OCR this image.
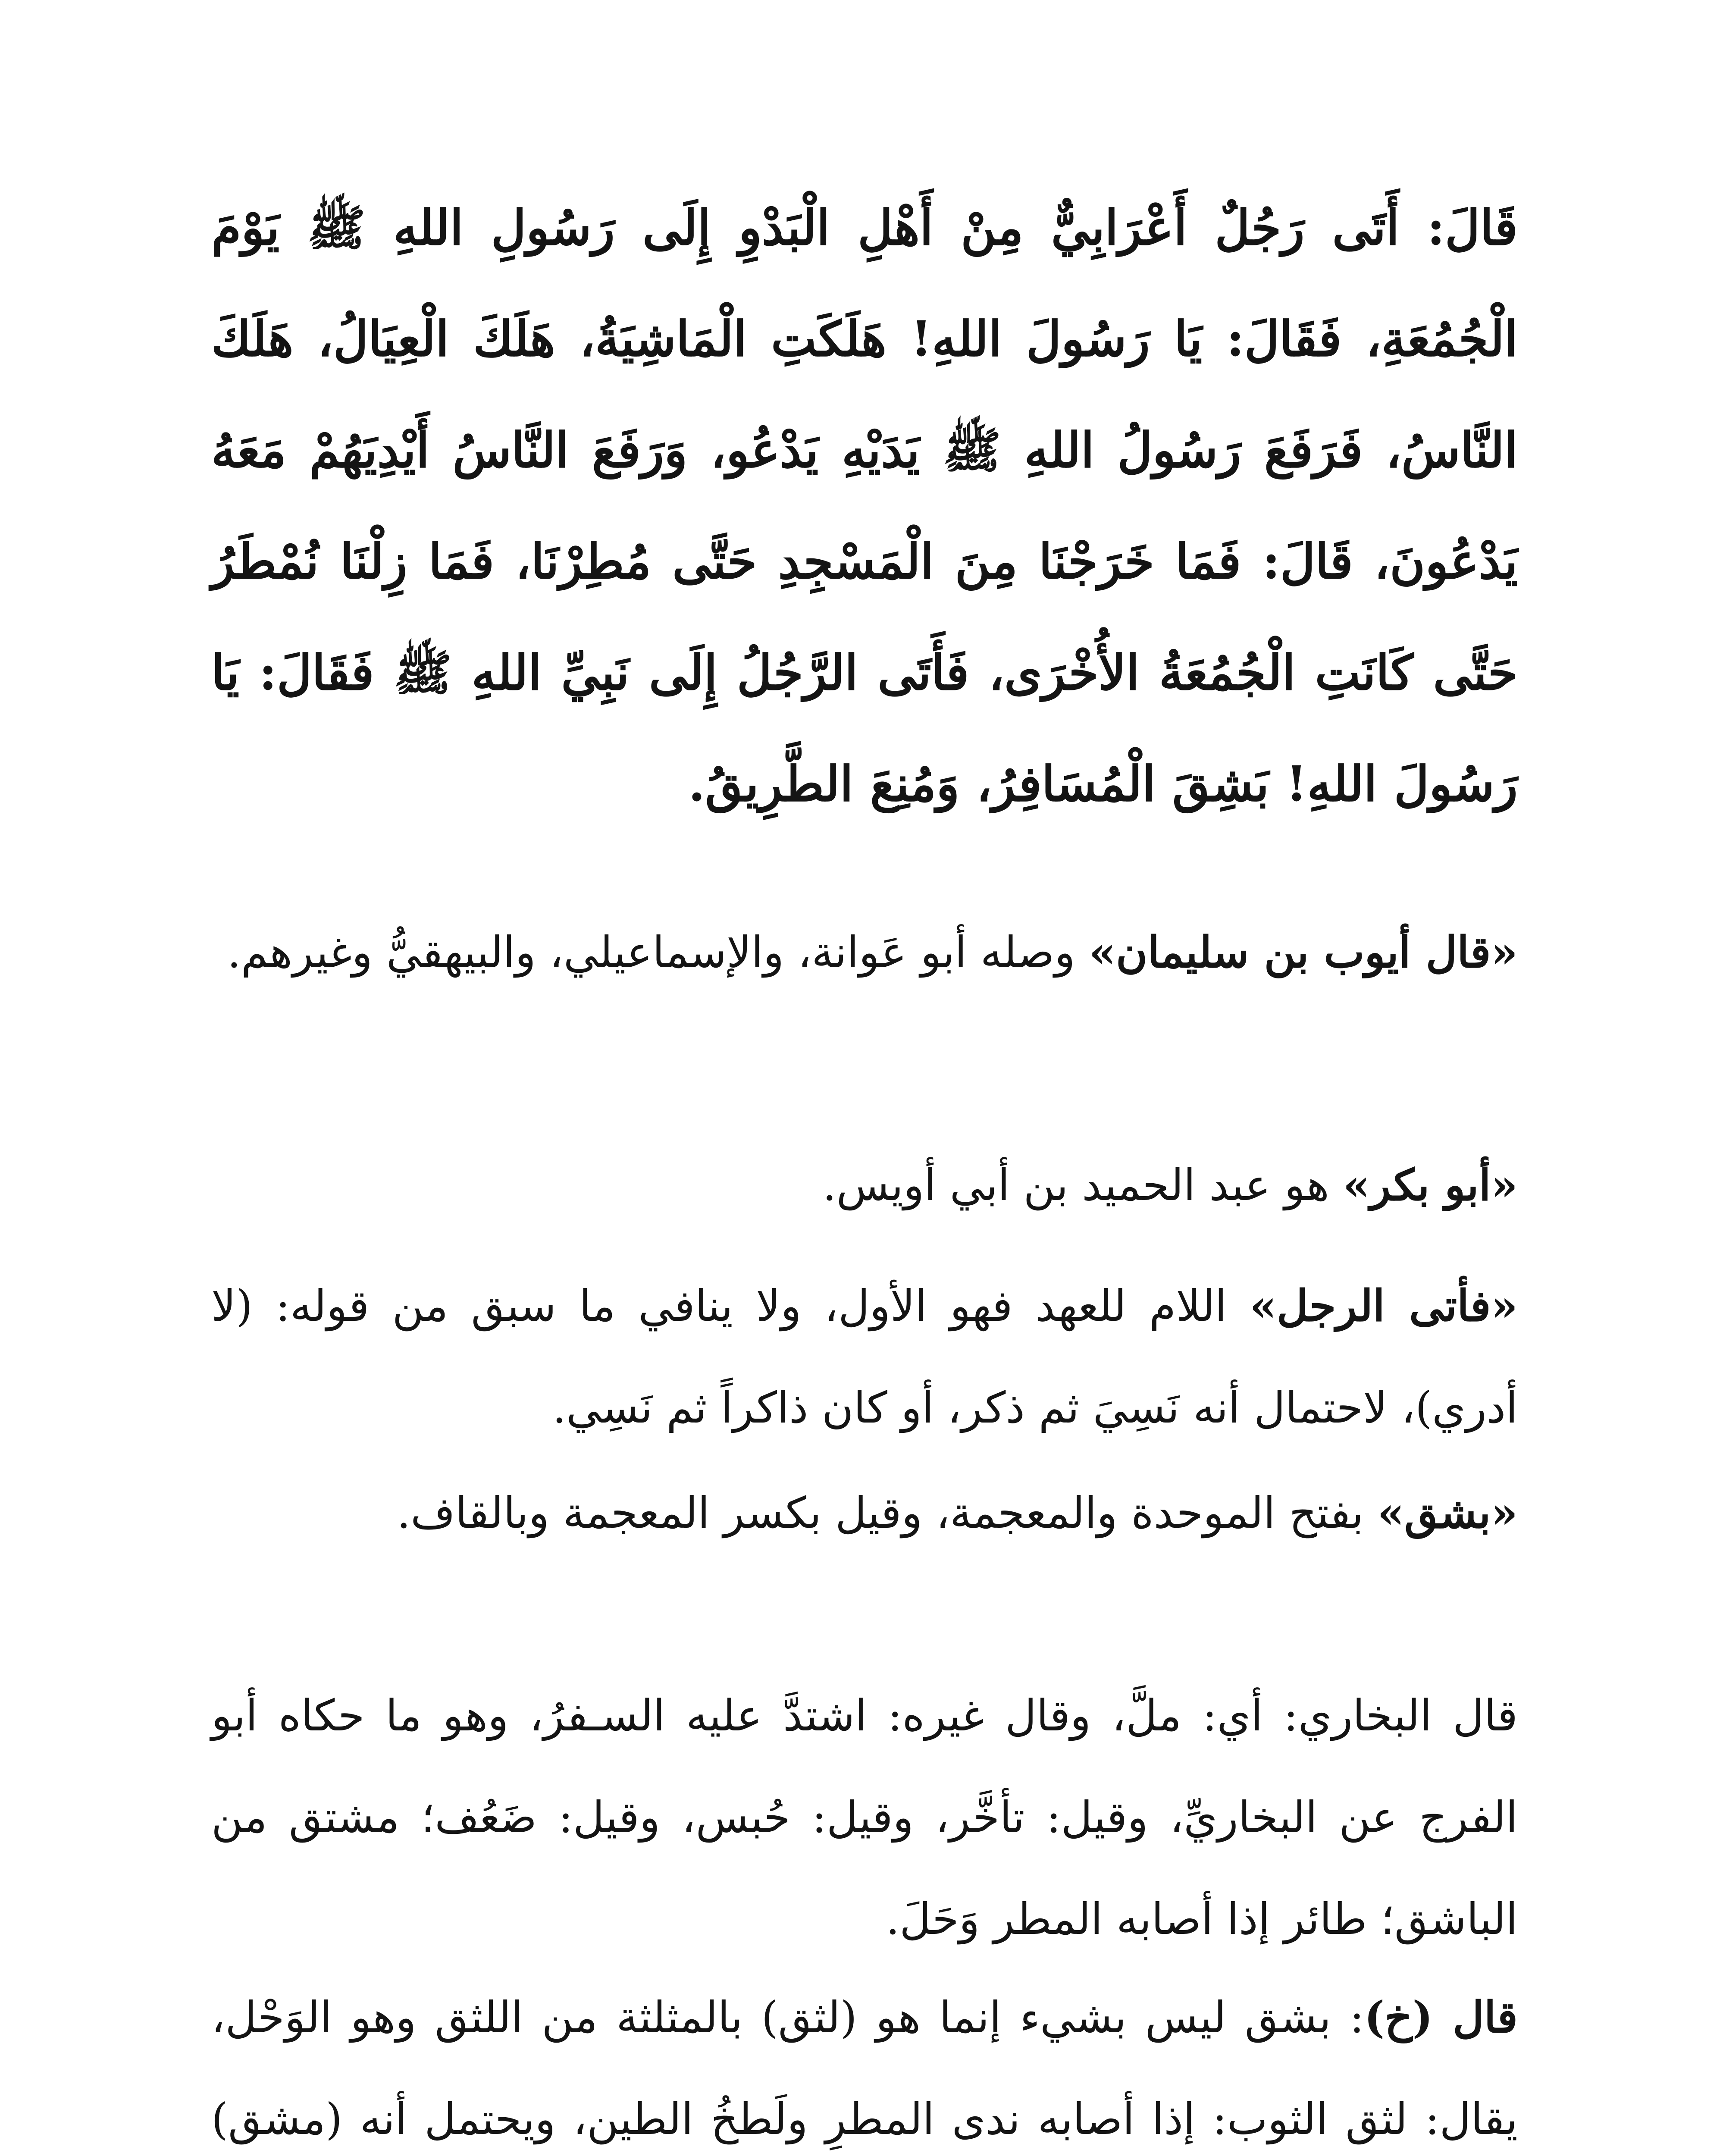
قَالَ: أَتَى رَجُلٌ أَعْرَابِيٌّ مِنْ أَهْلِ الْبَدْوِ إِلَى رَسُولِ اللهِ ﷺ يَوْمَ الْجُمُعَةِ، فَقَالَ: يَا رَسُولَ اللهِ! هَلَكَتِ الْمَاشِيَةُ، هَلَكَ الْعِيَالُ، هَلَكَ النَّاسُ، فَرَفَعَ رَسُولُ اللهِ ﷺ يَدَيْهِ يَدْعُو، وَرَفَعَ النَّاسُ أَيْدِيَهُمْ مَعَهُ يَدْعُونَ، قَالَ: فَمَا خَرَجْنَا مِنَ الْمَسْجِدِ حَتَّى مُطِرْنَا، فَمَا زِلْنَا نُمْطَرُ حَتَّى كَانَتِ الْجُمُعَةُ الأُخْرَى، فَأَتَى الرَّجُلُ إِلَى نَبِيِّ اللهِ ﷺ فَقَالَ: يَا رَسُولَ اللهِ! بَشِقَ الْمُسَافِرُ، وَمُنِعَ الطَّرِيقُ.

«قال أيوب بن سليمان» وصله أبو عَوانة، والإسماعيلي، والبيهقيُّ وغيرهم.

«أبو بكر» هو عبد الحميد بن أبي أويس.

«فأتى الرجل» اللام للعهد فهو الأول، ولا ينافي ما سبق من قوله: (لا أدري)، لاحتمال أنه نَسِيَ ثم ذكر، أو كان ذاكراً ثم نَسِي.

«بشق» بفتح الموحدة والمعجمة، وقيل بكسر المعجمة وبالقاف.

قال البخاري: أي: ملَّ، وقال غيره: اشتدَّ عليه السـفرُ، وهو ما حكاه أبو الفرج عن البخاريِّ، وقيل: تأخَّر، وقيل: حُبس، وقيل: ضَعُف؛ مشتق من الباشق؛ طائر إذا أصابه المطر وَحَلَ.

قال (خ): بشق ليس بشيء إنما هو (لثق) بالمثلثة من اللثق وهو الوَحْل، يقال: لثق الثوب: إذا أصابه ندى المطرِ ولَطخُ الطين، ويحتمل أنه (مشق)
